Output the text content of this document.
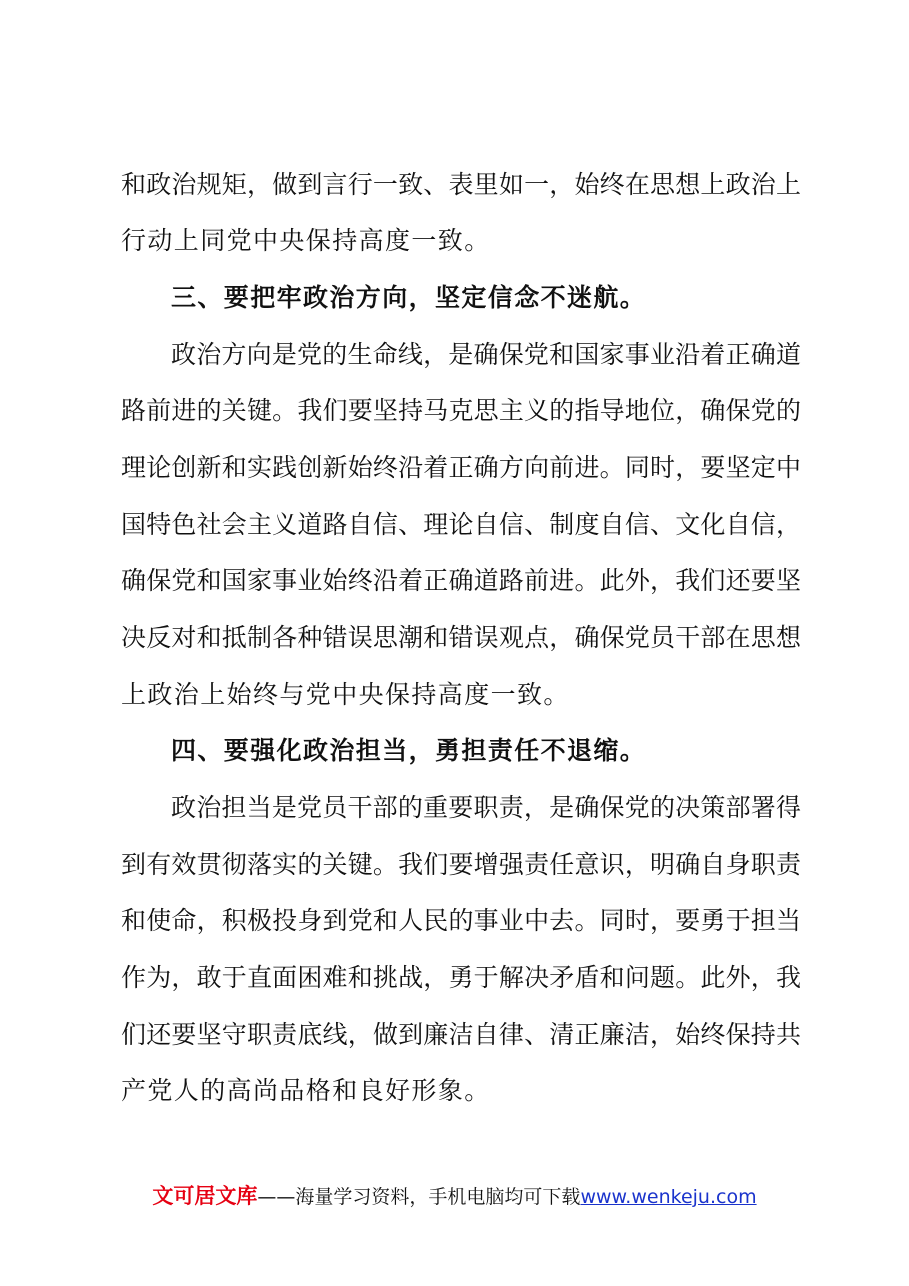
和政治规矩，做到言行一致、表里如一，始终在思想上政治上
行动上同党中央保持高度一致。
三、要把牢政治方向，坚定信念不迷航。
政治方向是党的生命线，是确保党和国家事业沿着正确道
路前进的关键。我们要坚持马克思主义的指导地位，确保党的
理论创新和实践创新始终沿着正确方向前进。同时，要坚定中
国特色社会主义道路自信、理论自信、制度自信、文化自信，
确保党和国家事业始终沿着正确道路前进。此外，我们还要坚
决反对和抵制各种错误思潮和错误观点，确保党员干部在思想
上政治上始终与党中央保持高度一致。
四、要强化政治担当，勇担责任不退缩。
政治担当是党员干部的重要职责，是确保党的决策部署得
到有效贯彻落实的关键。我们要增强责任意识，明确自身职责
和使命，积极投身到党和人民的事业中去。同时，要勇于担当
作为，敢于直面困难和挑战，勇于解决矛盾和问题。此外，我
们还要坚守职责底线，做到廉洁自律、清正廉洁，始终保持共
产党人的高尚品格和良好形象。
文可居文库——海量学习资料，手机电脑均可下载www.wenkeju.com
